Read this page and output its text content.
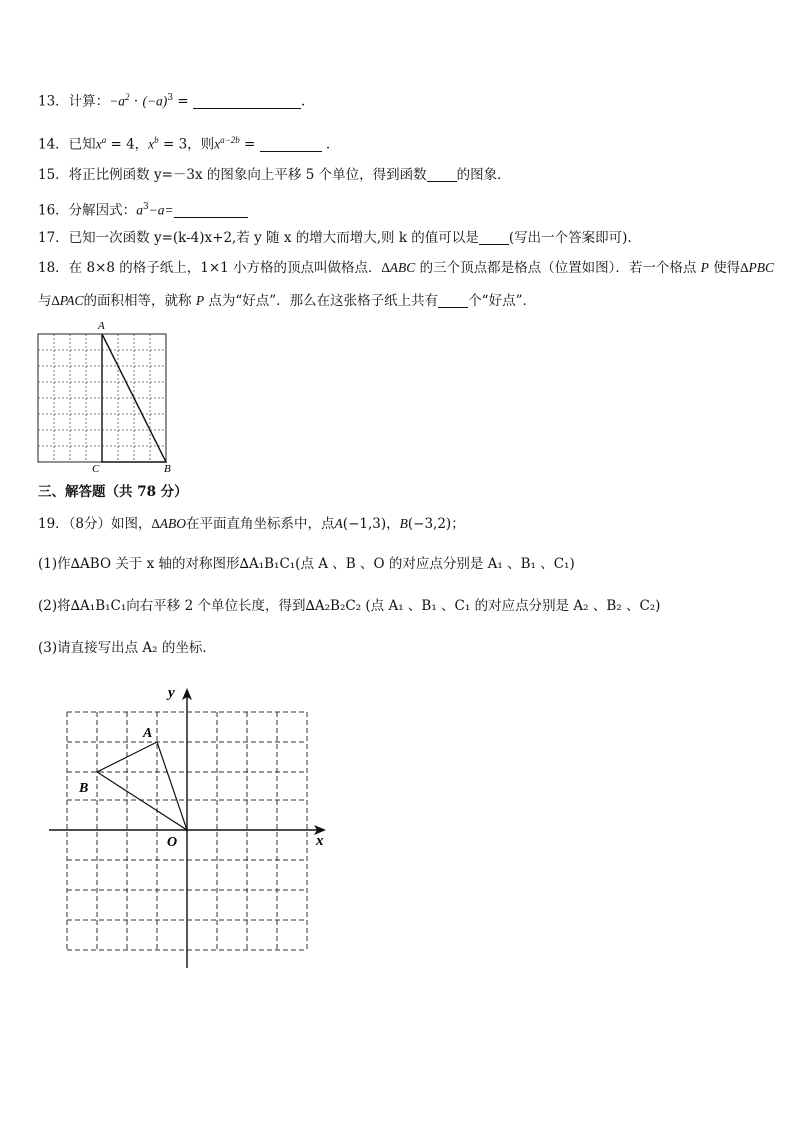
13．计算：$-a^2 \cdot (-a)^3$ =	.
14．已知$x^a = 4$，$x^b = 3$，则$x^{a-2b}$ =	.
15．将正比例函数 y=－3x 的图象向上平移 5 个单位，得到函数 的图象．
16．分解因式：$a^3-a=$
17．已知一次函数 y=(k-4)x+2,若 y 随 x 的增大而增大,则 k 的值可以是 (写出一个答案即可).
18．在 8×8 的格子纸上，1×1 小方格的顶点叫做格点．∆ABC 的三个顶点都是格点（位置如图）．若一个格点 P 使得∆PBC
与∆PAC的面积相等，就称 P 点为“好点”．那么在这张格子纸上共有 个“好点”．
A
C	B
三、解答题（共 78 分）
19．（8分）如图，∆ABO在平面直角坐标系中，点A(−1,3)，B(−3,2)；
(1)作∆ABO 关于 x 轴的对称图形∆A₁B₁C₁(点 A 、B 、O 的对应点分别是 A₁ 、B₁ 、C₁)
(2)将∆A₁B₁C₁向右平移 2 个单位长度，得到∆A₂B₂C₂ (点 A₁ 、B₁ 、C₁ 的对应点分别是 A₂ 、B₂ 、C₂)
(3)请直接写出点 A₂ 的坐标．
y
x
O
A
B
